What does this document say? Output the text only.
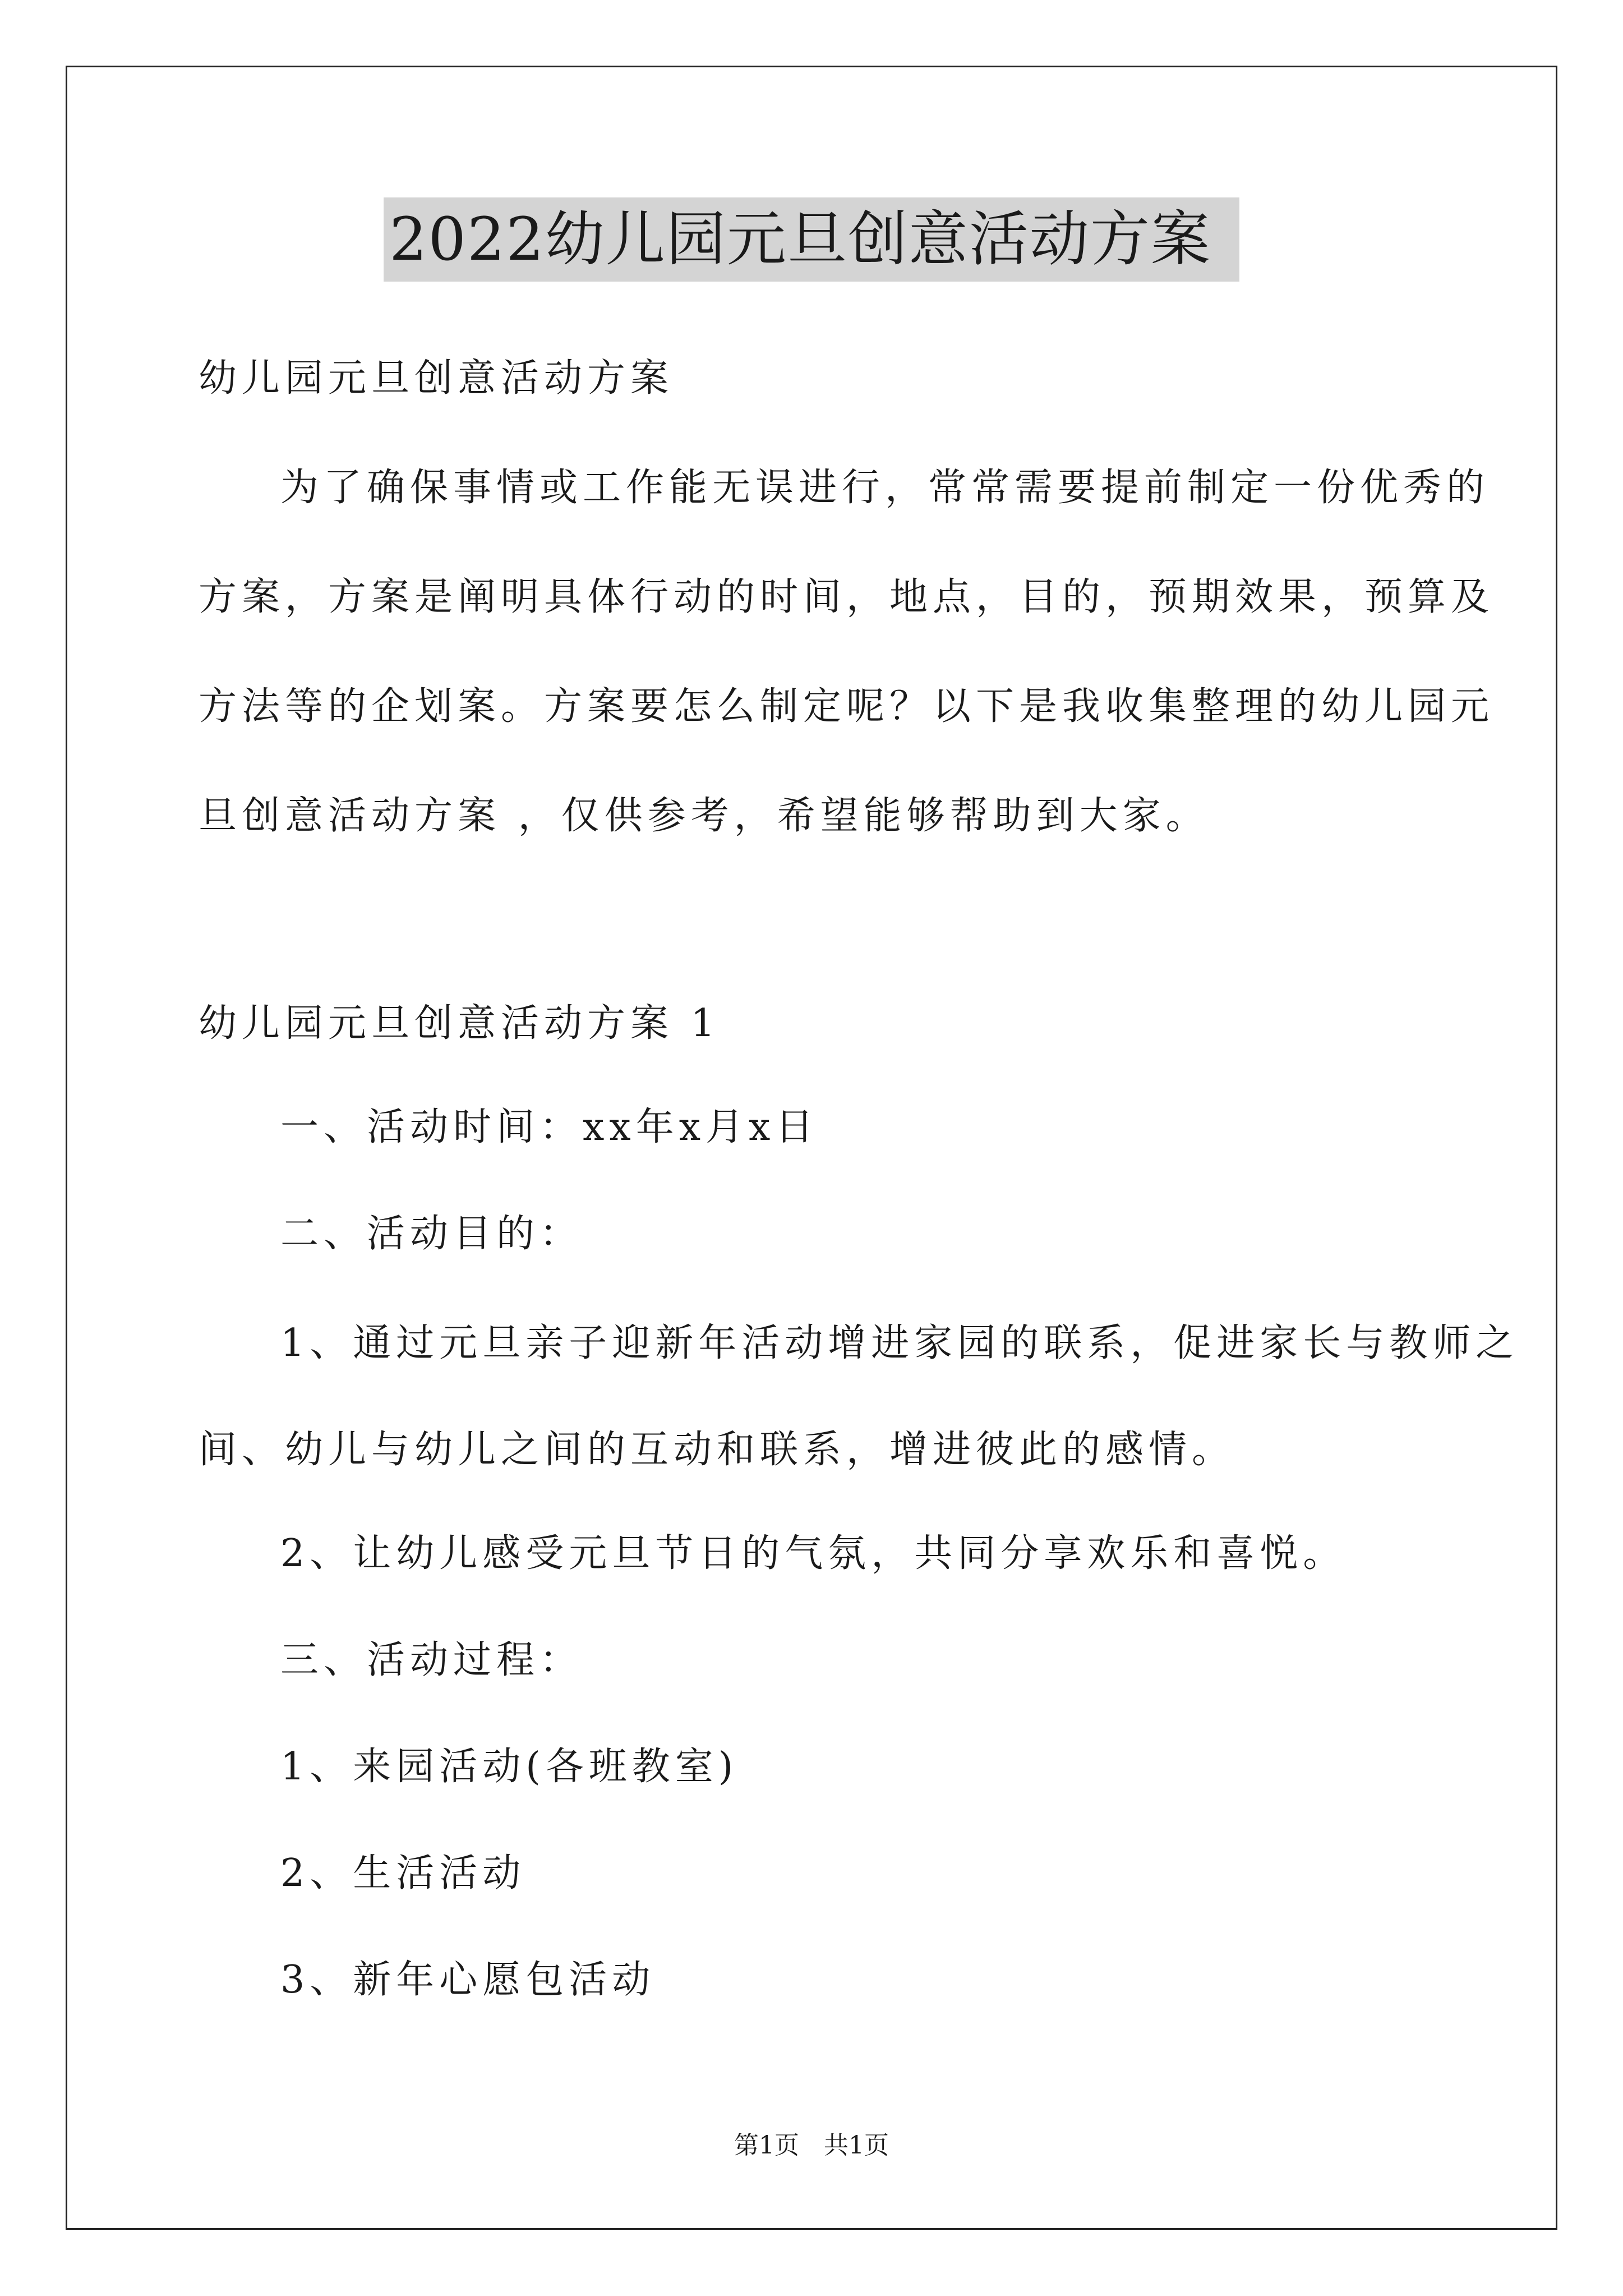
2022幼儿园元旦创意活动方案
幼儿园元旦创意活动方案
为了确保事情或工作能无误进行，常常需要提前制定一份优秀的
方案，方案是阐明具体行动的时间，地点，目的，预期效果，预算及
方法等的企划案。方案要怎么制定呢？以下是我收集整理的幼儿园元
旦创意活动方案 ，仅供参考，希望能够帮助到大家。
幼儿园元旦创意活动方案 1
一、活动时间：xx年x月x日
二、活动目的：
1、通过元旦亲子迎新年活动增进家园的联系，促进家长与教师之
间、幼儿与幼儿之间的互动和联系，增进彼此的感情。
2、让幼儿感受元旦节日的气氛，共同分享欢乐和喜悦。
三、活动过程：
1、来园活动(各班教室)
2、生活活动
3、新年心愿包活动
第1页 共1页
